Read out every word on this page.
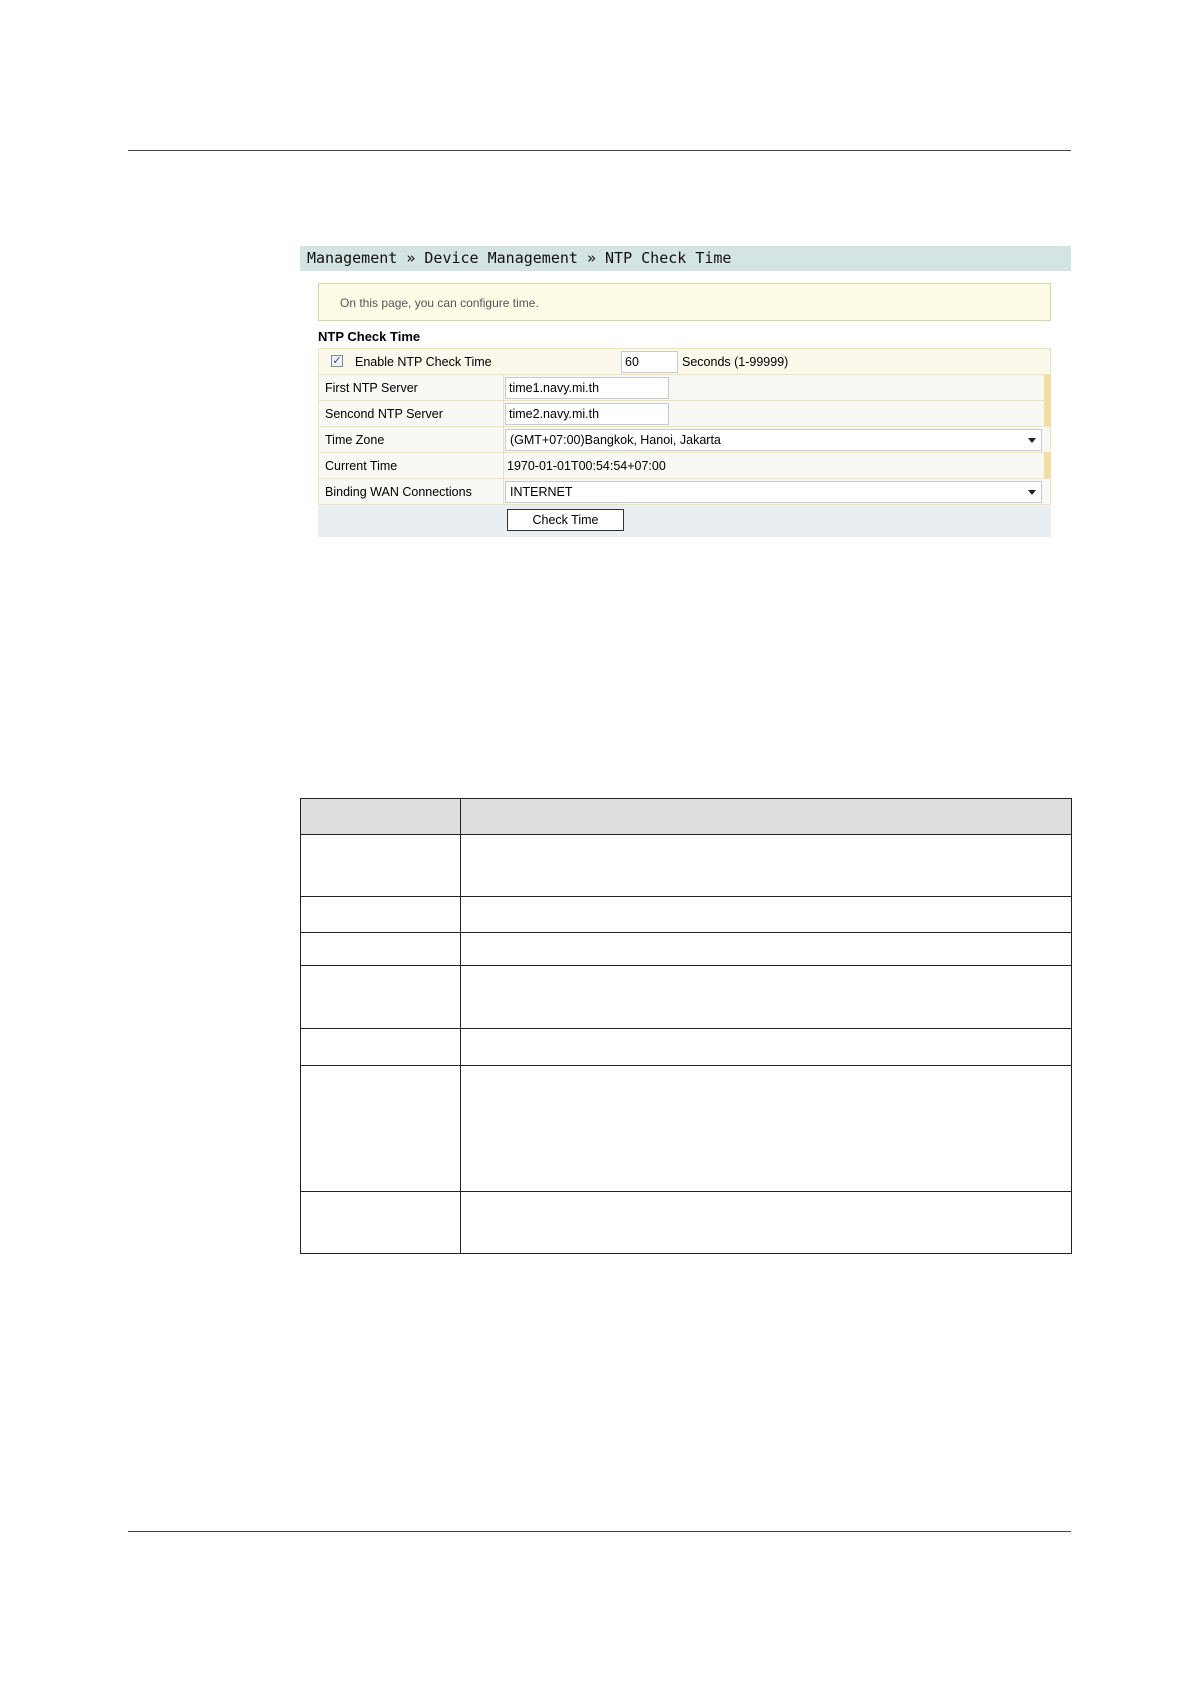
Management » Device Management » NTP Check Time
On this page, you can configure time.
NTP Check Time
✓ Enable NTP Check Time	60	Seconds (1-99999)
First NTP Server	time1.navy.mi.th
Sencond NTP Server	time2.navy.mi.th
Time Zone	(GMT+07:00)Bangkok, Hanoi, Jakarta
Current Time	1970-01-01T00:54:54+07:00
Binding WAN Connections	INTERNET
Check Time
